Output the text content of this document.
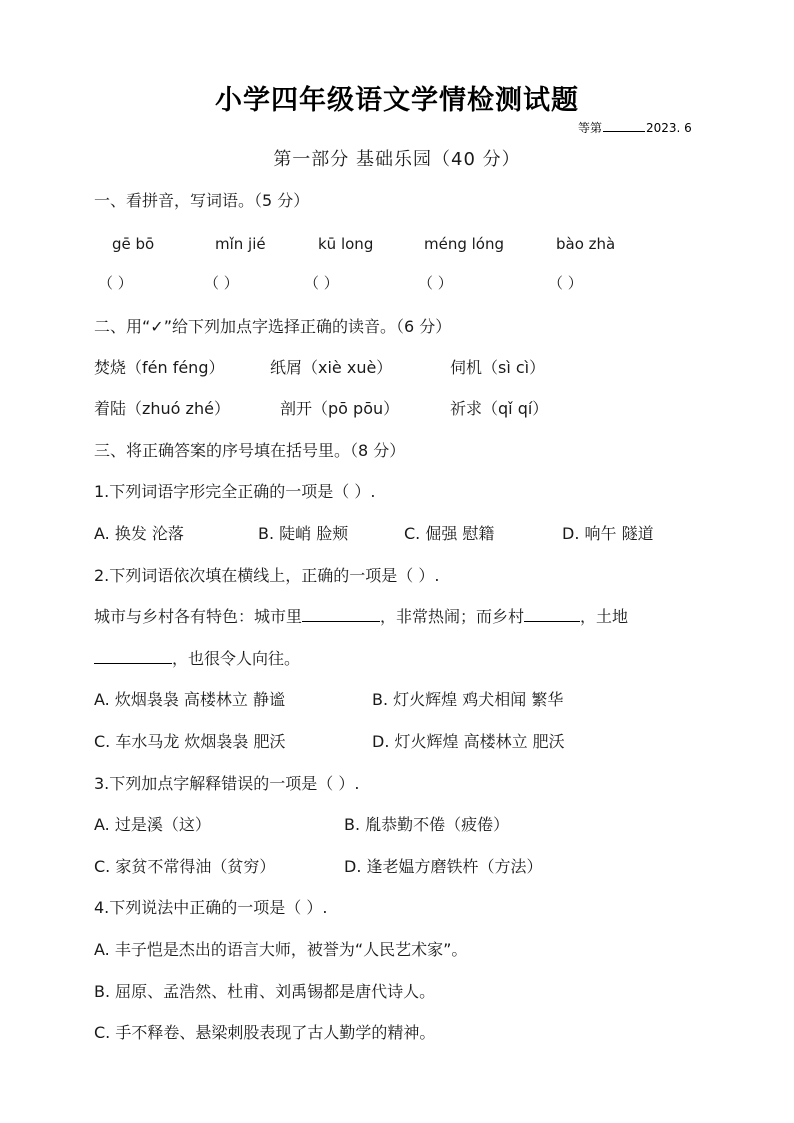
小学四年级语文学情检测试题
等第	2023. 6
第一部分 基础乐园（40 分）
一、看拼音，写词语。（5 分）
gē bō	mǐn jié	kū long	méng lóng	bào zhà
（ ）	（ ）	（ ）	（ ）	（ ）
二、用“✓”给下列加点字选择正确的读音。（6 分）
焚烧（fén féng）	纸屑（xiè xuè）	伺机（sì cì）
着陆（zhuó zhé）	剖开（pō pōu）	祈求（qǐ qí）
三、将正确答案的序号填在括号里。（8 分）
1.下列词语字形完全正确的一项是（ ）.
A. 换发 沦落	B. 陡峭 脸颊	C. 倔强 慰籍	D. 响午 隧道
2.下列词语依次填在横线上，正确的一项是（ ）.
城市与乡村各有特色：城市里	，非常热闹；而乡村	，土地
，也很令人向往。
A. 炊烟袅袅 高楼林立 静谧	B. 灯火辉煌 鸡犬相闻 繁华
C. 车水马龙 炊烟袅袅 肥沃	D. 灯火辉煌 高楼林立 肥沃
3.下列加点字解释错误的一项是（ ）.
A. 过是溪（这）	B. 胤恭勤不倦（疲倦）
C. 家贫不常得油（贫穷）	D. 逢老媪方磨铁杵（方法）
4.下列说法中正确的一项是（ ）.
A. 丰子恺是杰出的语言大师，被誉为“人民艺术家”。
B. 屈原、孟浩然、杜甫、刘禹锡都是唐代诗人。
C. 手不释卷、悬梁刺股表现了古人勤学的精神。
